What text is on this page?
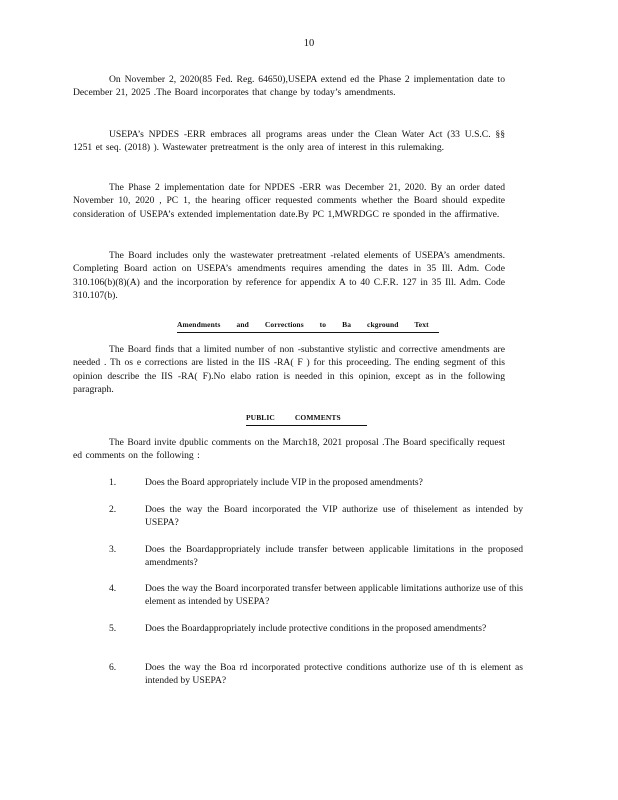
10
On November 2, 2020(85 Fed. Reg. 64650),USEPA extend ed the Phase 2 implementation date to December 21, 2025 .The Board incorporates that change by today’s amendments.
USEPA’s NPDES -ERR embraces all programs areas under the Clean Water Act (33 U.S.C. §§ 1251 et seq. (2018) ). Wastewater pretreatment is the only area of interest in this rulemaking.
The Phase 2 implementation date for NPDES -ERR was December 21, 2020. By an order dated November 10, 2020 , PC 1, the hearing officer requested comments whether the Board should expedite consideration of USEPA’s extended implementation date.By PC 1,MWRDGC re sponded in the affirmative.
The Board includes only the wastewater pretreatment -related elements of USEPA’s amendments. Completing Board action on USEPA’s amendments requires amending the dates in 35 Ill. Adm. Code 310.106(b)(8)(A) and the incorporation by reference for appendix A to 40 C.F.R. 127 in 35 Ill. Adm. Code 310.107(b).
Amendments and Corrections to Ba ckground Text
The Board finds that a limited number of non -substantive stylistic and corrective amendments are needed . Th os e corrections are listed in the IIS -RA( F ) for this proceeding. The ending segment of this opinion describe the IIS -RA( F).No elabo ration is needed in this opinion, except as in the following paragraph.
PUBLIC COMMENTS
The Board invite dpublic comments on the March18, 2021 proposal .The Board specifically request ed comments on the following :
1.	Does the Board appropriately include VIP in the proposed amendments?
2.	Does the way the Board incorporated the VIP authorize use of thiselement as intended by USEPA?
3.	Does the Boardappropriately include transfer between applicable limitations in the proposed amendments?
4.	Does the way the Board incorporated transfer between applicable limitations authorize use of this element as intended by USEPA?
5.	Does the Boardappropriately include protective conditions in the proposed amendments?
6.	Does the way the Boa rd incorporated protective conditions authorize use of th is element as intended by USEPA?
